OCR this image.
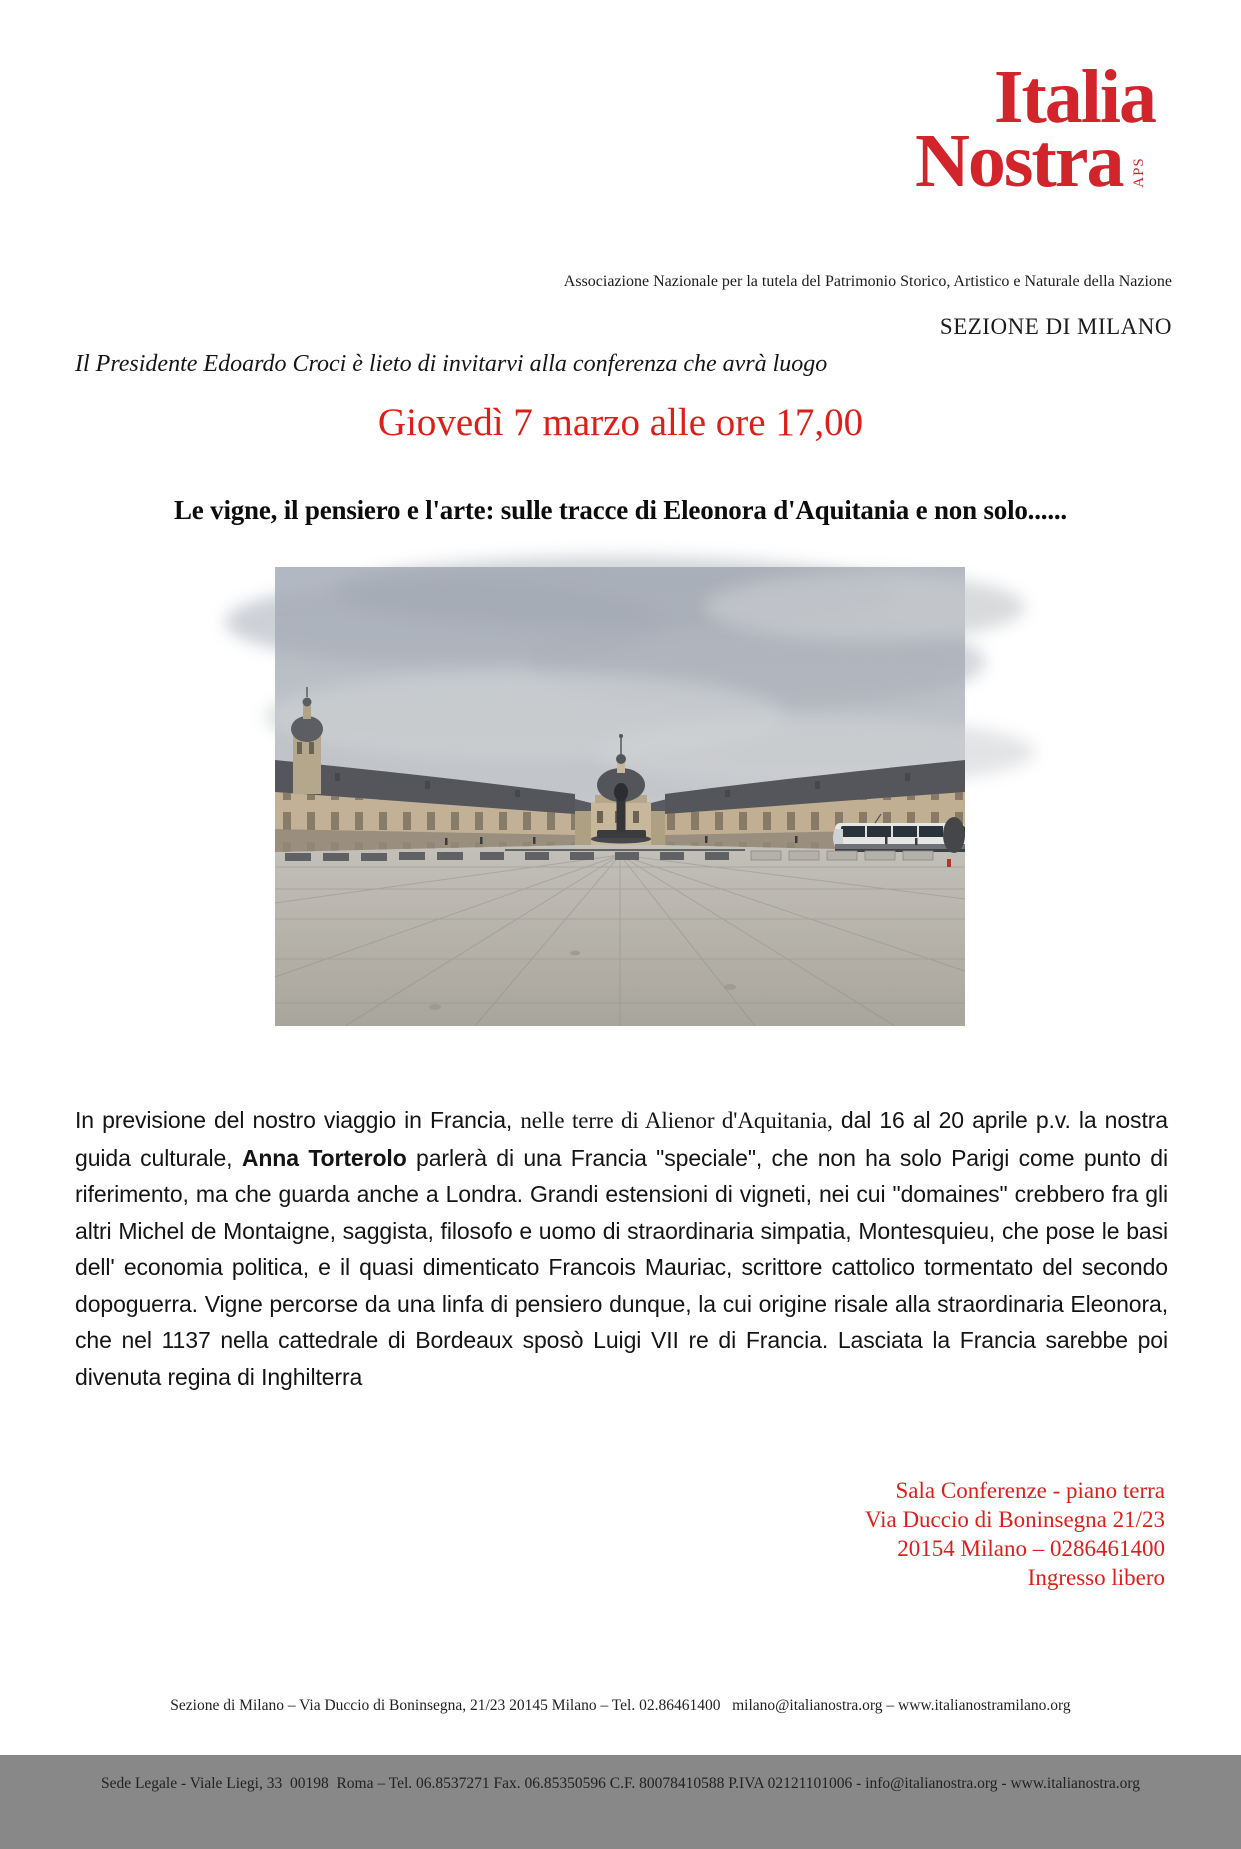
Italia
Nostra APS
Associazione Nazionale per la tutela del Patrimonio Storico, Artistico e Naturale della Nazione
SEZIONE DI MILANO
Il Presidente Edoardo Croci è lieto di invitarvi alla conferenza che avrà luogo
Giovedì 7 marzo alle ore 17,00
Le vigne, il pensiero e l'arte: sulle tracce di Eleonora d'Aquitania e non solo......

In previsione del nostro viaggio in Francia, nelle terre di Alienor d'Aquitania, dal 16 al 20 aprile p.v. la nostra guida culturale, Anna Torterolo parlerà di una Francia "speciale", che non ha solo Parigi come punto di riferimento, ma che guarda anche a Londra. Grandi estensioni di vigneti, nei cui "domaines" crebbero fra gli altri Michel de Montaigne, saggista, filosofo e uomo di straordinaria simpatia, Montesquieu, che pose le basi dell' economia politica, e il quasi dimenticato Francois Mauriac, scrittore cattolico tormentato del secondo dopoguerra. Vigne percorse da una linfa di pensiero dunque, la cui origine risale alla straordinaria Eleonora, che nel 1137 nella cattedrale di Bordeaux sposò Luigi VII re di Francia. Lasciata la Francia sarebbe poi divenuta regina di Inghilterra

Sala Conferenze - piano terra
Via Duccio di Boninsegna 21/23
20154 Milano – 0286461400
Ingresso libero

Sezione di Milano – Via Duccio di Boninsegna, 21/23 20145 Milano – Tel. 02.86461400   milano@italianostra.org – www.italianostramilano.org

Sede Legale - Viale Liegi, 33  00198  Roma – Tel. 06.8537271 Fax. 06.85350596 C.F. 80078410588 P.IVA 02121101006 - info@italianostra.org - www.italianostra.org
